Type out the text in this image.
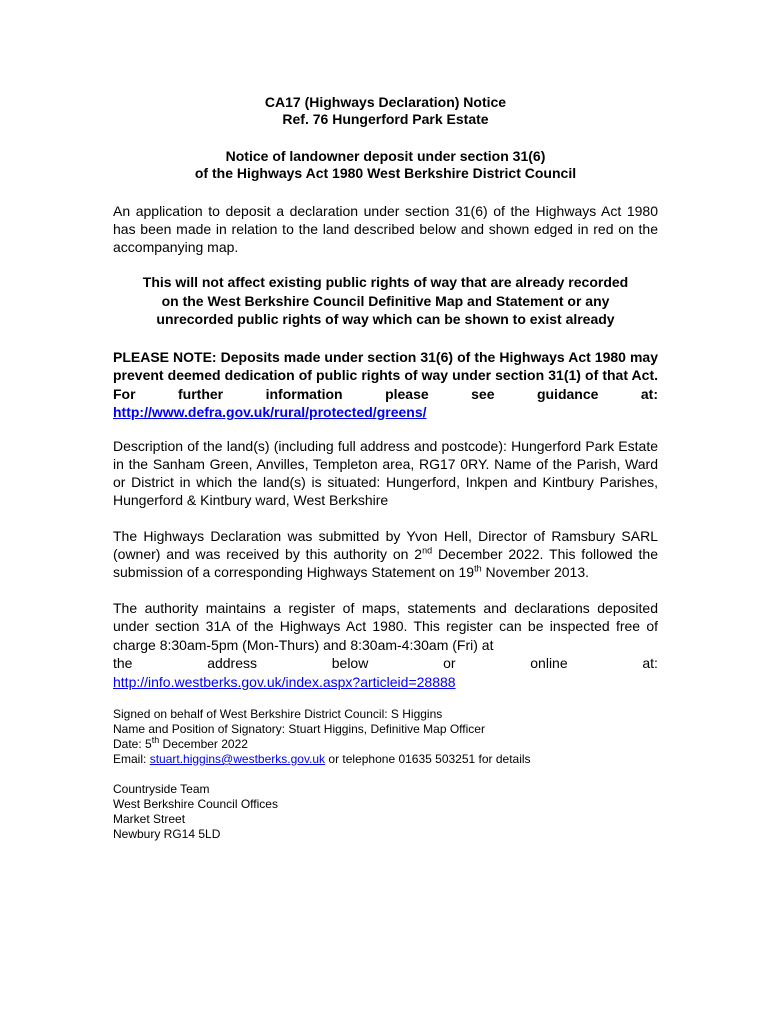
CA17 (Highways Declaration) Notice

Ref. 76 Hungerford Park Estate

Notice of landowner deposit under section 31(6)

of the Highways Act 1980 West Berkshire District Council

An application to deposit a declaration under section 31(6) of the Highways Act 1980 has been made in relation to the land described below and shown edged in red on the accompanying map.

This will not affect existing public rights of way that are already recorded

on the West Berkshire Council Definitive Map and Statement or any

unrecorded public rights of way which can be shown to exist already

PLEASE NOTE: Deposits made under section 31(6) of the Highways Act 1980 may prevent deemed dedication of public rights of way under section 31(1) of that Act. For further information please see guidance at: http://www.defra.gov.uk/rural/protected/greens/

Description of the land(s) (including full address and postcode): Hungerford Park Estate in the Sanham Green, Anvilles, Templeton area, RG17 0RY. Name of the Parish, Ward or District in which the land(s) is situated: Hungerford, Inkpen and Kintbury Parishes, Hungerford & Kintbury ward, West Berkshire

The Highways Declaration was submitted by Yvon Hell, Director of Ramsbury SARL (owner) and was received by this authority on 2nd December 2022. This followed the submission of a corresponding Highways Statement on 19th November 2013.

The authority maintains a register of maps, statements and declarations deposited under section 31A of the Highways Act 1980. This register can be inspected free of charge 8:30am-5pm (Mon-Thurs) and 8:30am-4:30am (Fri) at

the	address	below	or	online	at:
http://info.westberks.gov.uk/index.aspx?articleid=28888

Signed on behalf of West Berkshire District Council: S Higgins

Name and Position of Signatory: Stuart Higgins, Definitive Map Officer

Date: 5th December 2022

Email: stuart.higgins@westberks.gov.uk or telephone 01635 503251 for details

Countryside Team

West Berkshire Council Offices

Market Street

Newbury RG14 5LD
